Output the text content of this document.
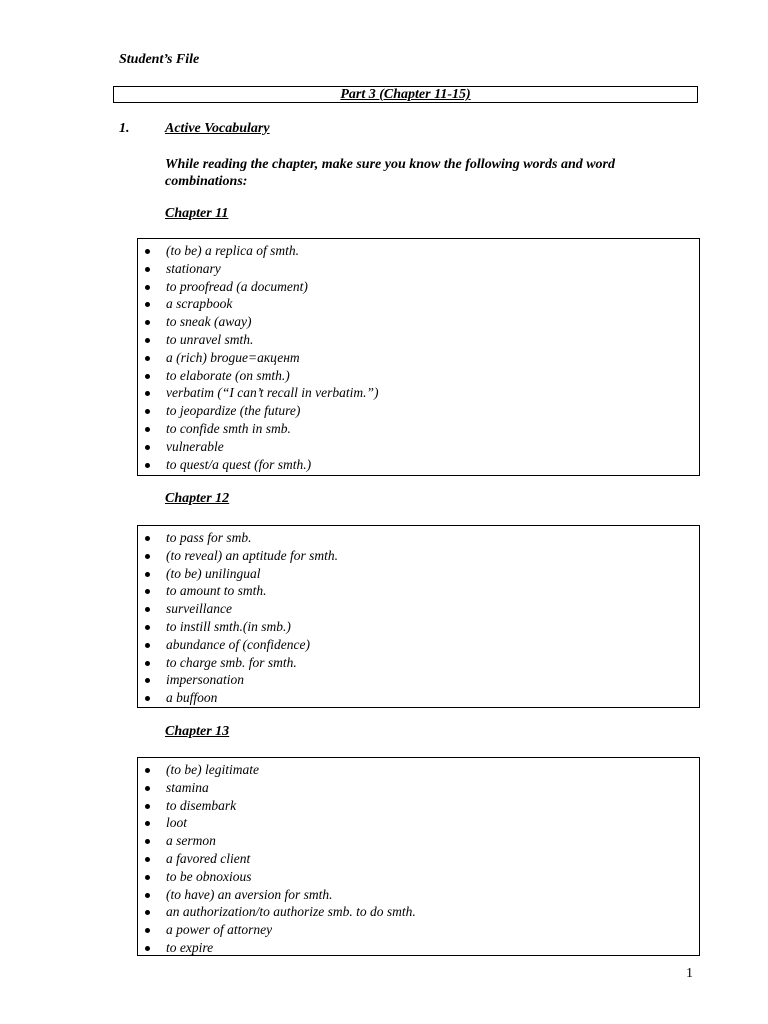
Student’s File
Part 3 (Chapter 11-15)
1.	Active Vocabulary
While reading the chapter, make sure you know the following words and word combinations:
Chapter 11
(to be) a replica of smth.
stationary
to proofread (a document)
a scrapbook
to sneak (away)
to unravel smth.
a (rich) brogue=акцент
to elaborate (on smth.)
verbatim (“I can’t recall in verbatim.”)
to jeopardize (the future)
to confide smth in smb.
vulnerable
to quest/a quest (for smth.)
Chapter 12
to pass for smb.
(to reveal) an aptitude for smth.
(to be) unilingual
to amount to smth.
surveillance
to instill smth.(in smb.)
abundance of (confidence)
to charge smb. for smth.
impersonation
a buffoon
Chapter 13
(to be) legitimate
stamina
to disembark
loot
a sermon
a favored client
to be obnoxious
(to have) an aversion for smth.
an authorization/to authorize smb. to do smth.
a power of attorney
to expire
1
